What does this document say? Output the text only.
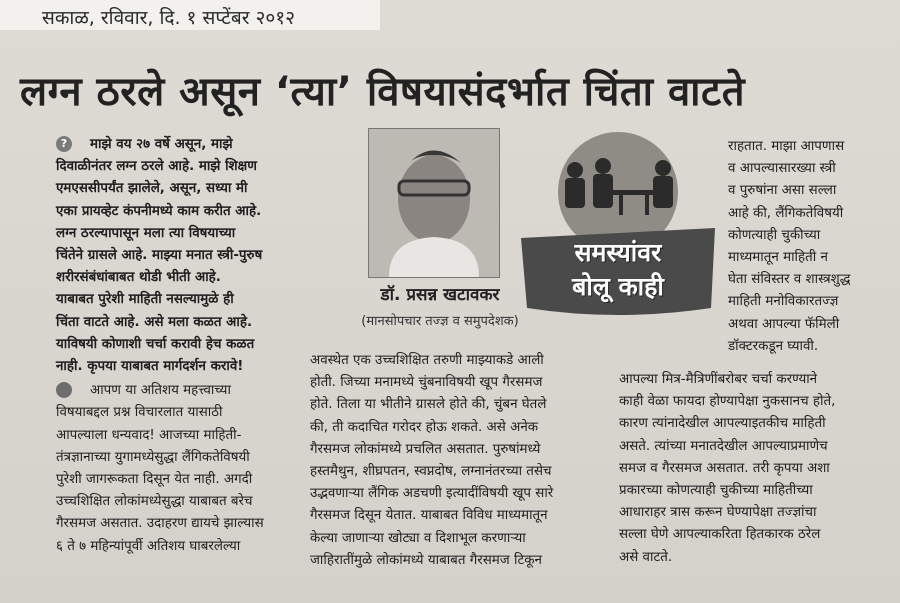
सकाळ, रविवार, दि. १ सप्टेंबर २०१२
लग्न ठरले असून ‘त्या’ विषयासंदर्भात चिंता वाटते

? माझे वय २७ वर्षे असून, माझे

दिवाळीनंतर लग्न ठरले आहे. माझे शिक्षण

एमएससीपर्यंत झालेले, असून, सध्या मी

एका प्रायव्हेट कंपनीमध्ये काम करीत आहे.

लग्न ठरल्यापासून मला त्या विषयाच्या

चिंतेने ग्रासले आहे. माझ्या मनात स्त्री-पुरुष

शरीरसंबंधांबाबत थोडी भीती आहे.

याबाबत पुरेशी माहिती नसल्यामुळे ही

चिंता वाटते आहे. असे मला कळत आहे.

याविषयी कोणाशी चर्चा करावी हेच कळत

नाही. कृपया याबाबत मार्गदर्शन करावे!

आपण या अतिशय महत्त्वाच्या

विषयाबद्दल प्रश्न विचारलात यासाठी

आपल्याला धन्यवाद! आजच्या माहिती-

तंत्रज्ञानाच्या युगामध्येसुद्धा लैंगिकतेविषयी

पुरेशी जागरूकता दिसून येत नाही. अगदी

उच्चशिक्षित लोकांमध्येसुद्धा याबाबत बरेच

गैरसमज असतात. उदाहरण द्यायचे झाल्यास

६ ते ७ महिन्यांपूर्वी अतिशय घाबरलेल्या

डॉ. प्रसन्न खटावकर
(मानसोपचार तज्ज्ञ व समुपदेशक)
समस्यांवर
बोलू काही

अवस्थेत एक उच्चशिक्षित तरुणी माझ्याकडे आली

होती. जिच्या मनामध्ये चुंबनाविषयी खूप गैरसमज

होते. तिला या भीतीने ग्रासले होते की, चुंबन घेतले

की, ती कदाचित गरोदर होऊ शकते. असे अनेक

गैरसमज लोकांमध्ये प्रचलित असतात. पुरुषांमध्ये

हस्तमैथुन, शीघ्रपतन, स्वप्नदोष, लग्नानंतरच्या तसेच

उद्भवणाऱ्या लैंगिक अडचणी इत्यादींविषयी खूप सारे

गैरसमज दिसून येतात. याबाबत विविध माध्यमातून

केल्या जाणाऱ्या खोट्या व दिशाभूल करणाऱ्या

जाहिरातींमुळे लोकांमध्ये याबाबत गैरसमज टिकून

राहतात. माझा आपणास

व आपल्यासारख्या स्त्री

व पुरुषांना असा सल्ला

आहे की, लैंगिकतेविषयी

कोणत्याही चुकीच्या

माध्यमातून माहिती न

घेता संविस्तर व शास्त्रशुद्ध

माहिती मनोविकारतज्ज्ञ

अथवा आपल्या फॅमिली

डॉक्टरकडून घ्यावी.

आपल्या मित्र-मैत्रिणींबरोबर चर्चा करण्याने

काही वेळा फायदा होण्यापेक्षा नुकसानच होते,

कारण त्यांनादेखील आपल्याइतकीच माहिती

असते. त्यांच्या मनातदेखील आपल्याप्रमाणेच

समज व गैरसमज असतात. तरी कृपया अशा

प्रकारच्या कोणत्याही चुकीच्या माहितीच्या

आधाराहर त्रास करून घेण्यापेक्षा तज्ज्ञांचा

सल्ला घेणे आपल्याकरिता हितकारक ठरेल

असे वाटते.
